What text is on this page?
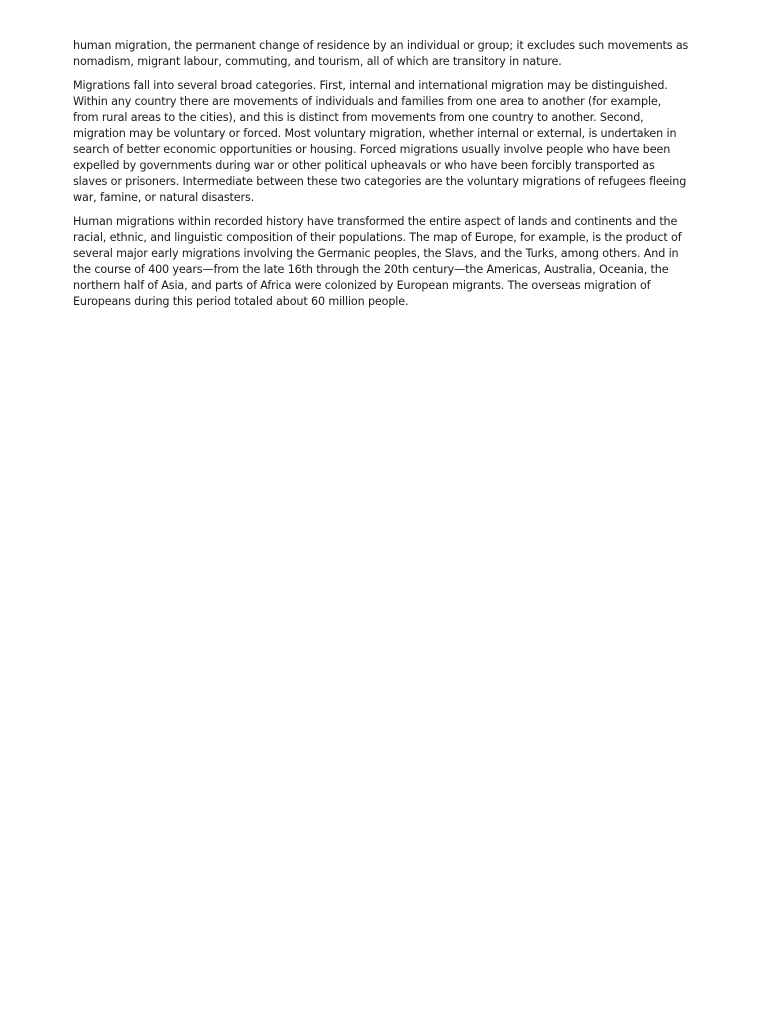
human migration, the permanent change of residence by an individual or group; it excludes such movements as nomadism, migrant labour, commuting, and tourism, all of which are transitory in nature.

Migrations fall into several broad categories. First, internal and international migration may be distinguished. Within any country there are movements of individuals and families from one area to another (for example, from rural areas to the cities), and this is distinct from movements from one country to another. Second, migration may be voluntary or forced. Most voluntary migration, whether internal or external, is undertaken in search of better economic opportunities or housing. Forced migrations usually involve people who have been expelled by governments during war or other political upheavals or who have been forcibly transported as slaves or prisoners. Intermediate between these two categories are the voluntary migrations of refugees fleeing war, famine, or natural disasters.

Human migrations within recorded history have transformed the entire aspect of lands and continents and the racial, ethnic, and linguistic composition of their populations. The map of Europe, for example, is the product of several major early migrations involving the Germanic peoples, the Slavs, and the Turks, among others. And in the course of 400 years—from the late 16th through the 20th century—the Americas, Australia, Oceania, the northern half of Asia, and parts of Africa were colonized by European migrants. The overseas migration of Europeans during this period totaled about 60 million people.
